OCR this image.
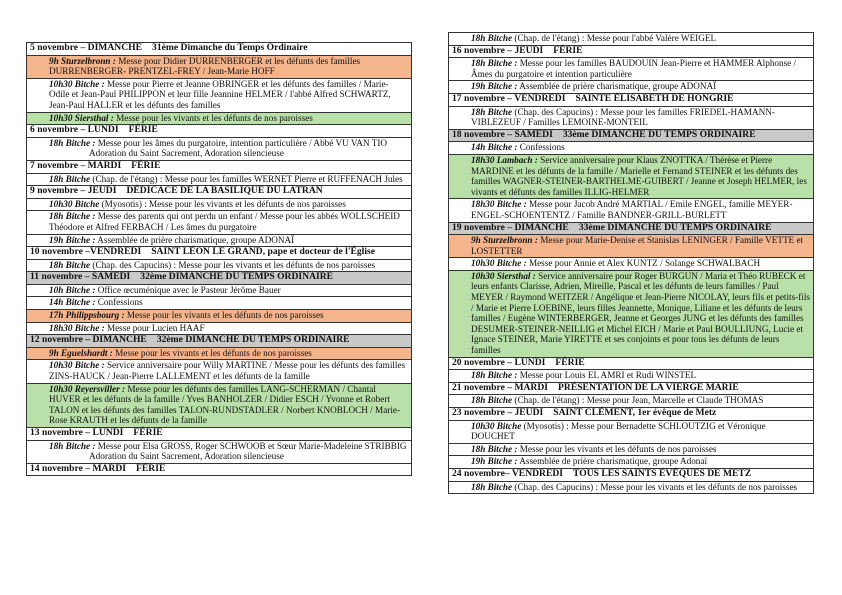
5 novembre – DIMANCHE 31ème Dimanche du Temps Ordinaire
9h Sturzelbronn : Messe pour Didier DURRENBERGER et les défunts des familles DURRENBERGER- PRENTZEL-FREY / Jean-Marie HOFF
10h30 Bitche : Messe pour Pierre et Jeanne OBRINGER et les défunts des familles / Marie-Odile et Jean-Paul PHILIPPON et leur fille Jeannine HELMER / l'abbé Alfred SCHWARTZ, Jean-Paul HALLER et les défunts des familles
10h30 Siersthal : Messe pour les vivants et les défunts de nos paroisses
6 novembre – LUNDI FÉRIE
18h Bitche : Messe pour les âmes du purgatoire, intention particulière / Abbé VU VAN TIO
Adoration du Saint Sacrement, Adoration silencieuse
7 novembre – MARDI FÉRIE
18h Bitche (Chap. de l'étang) : Messe pour les familles WERNET Pierre et RUFFENACH Jules
9 novembre – JEUDI DÉDICACE DE LA BASILIQUE DU LATRAN
10h30 Bitche (Myosotis) : Messe pour les vivants et les défunts de nos paroisses
18h Bitche : Messe des parents qui ont perdu un enfant / Messe pour les abbés WOLLSCHEID Théodore et Alfred FERBACH / Les âmes du purgatoire
19h Bitche : Assemblée de prière charismatique, groupe ADONAÏ
10 novembre –VENDREDI SAINT LÉON LE GRAND, pape et docteur de l'Église
18h Bitche (Chap. des Capucins) : Messe pour les vivants et les défunts de nos paroisses
11 novembre – SAMEDI 32ème DIMANCHE DU TEMPS ORDINAIRE
10h Bitche : Office œcuménique avec le Pasteur Jérôme Bauer
14h Bitche : Confessions
17h Philippsbourg : Messe pour les vivants et les défunts de nos paroisses
18h30 Bitche : Messe pour Lucien HAAF
12 novembre – DIMANCHE 32ème DIMANCHE DU TEMPS ORDINAIRE
9h Eguelshardt : Messe pour les vivants et les défunts de nos paroisses
10h30 Bitche : Service anniversaire pour Willy MARTINE / Messe pour les défunts des familles ZINS-HAUCK / Jean-Pierre LALLEMENT et les défunts de la famille
10h30 Reyersviller : Messe pour les défunts des familles LANG-SCHERMAN / Chantal HUVER et les défunts de la famille / Yves BANHOLZER / Didier ESCH / Yvonne et Robert TALON et les défunts des familles TALON-RUNDSTADLER / Norbert KNOBLOCH / Marie-Rose KRAUTH et les défunts de la famille
13 novembre – LUNDI FÉRIE
18h Bitche : Messe pour Elsa GROSS, Roger SCHWOOB et Sœur Marie-Madeleine STRIBBIG
Adoration du Saint Sacrement, Adoration silencieuse
14 novembre – MARDI FÉRIE
18h Bitche (Chap. de l'étang) : Messe pour l'abbé Valère WEIGEL
16 novembre – JEUDI FÉRIE
18h Bitche : Messe pour les familles BAUDOUIN Jean-Pierre et HAMMER Alphonse / Âmes du purgatoire et intention particulière
19h Bitche : Assemblée de prière charismatique, groupe ADONAÏ
17 novembre – VENDREDI SAINTE ÉLISABETH DE HONGRIE
18h Bitche (Chap. des Capucins) : Messe pour les familles FRIEDEL-HAMANN-VIBLEZEUF / Familles LEMOINE-MONTEIL
18 novembre – SAMEDI 33ème DIMANCHE DU TEMPS ORDINAIRE
14h Bitche : Confessions
18h30 Lambach : Service anniversaire pour Klaus ZNOTTKA / Thérèse et Pierre MARDINE et les défunts de la famille / Marielle et Fernand STEINER et les défunts des familles WAGNER-STEINER-BARTHELME-GUIBERT / Jeanne et Joseph HELMER, les vivants et défunts des familles ILLIG-HELMER
18h30 Bitche : Messe pour Jacob André MARTIAL / Emile ENGEL, famille MEYER-ENGEL-SCHOENTENTZ / Famille BANDNER-GRILL-BURLETT
19 novembre – DIMANCHE 33ème DIMANCHE DU TEMPS ORDINAIRE
9h Sturzelbronn : Messe pour Marie-Denise et Stanislas LENINGER / Famille VETTE et LOSTETTER
10h30 Bitche : Messe pour Annie et Alex KUNTZ / Solange SCHWALBACH
10h30 Siersthal : Service anniversaire pour Roger BURGUN / Maria et Théo RUBECK et leurs enfants Clarisse, Adrien, Mireille, Pascal et les défunts de leurs familles / Paul MEYER / Raymond WEITZER / Angélique et Jean-Pierre NICOLAY, leurs fils et petits-fils / Marie et Pierre LOEBINE, leurs filles Jeannette, Monique, Liliane et les défunts de leurs familles / Eugène WINTERBERGER, Jeanne et Georges JUNG et les défunts des familles DESUMER-STEINER-NEILLIG et Michel EICH / Marie et Paul BOULLIUNG, Lucie et Ignace STEINER, Marie YIRETTE et ses conjoints et pour tous les défunts de leurs familles
20 novembre – LUNDI FÉRIE
18h Bitche : Messe pour Louis EL AMRI et Rudi WINSTEL
21 novembre – MARDI PRÉSENTATION DE LA VIERGE MARIE
18h Bitche (Chap. de l'étang) : Messe pour Jean, Marcelle et Claude THOMAS
23 novembre – JEUDI SAINT CLÉMENT, 1er évêque de Metz
10h30 Bitche (Myosotis) : Messe pour Bernadette SCHLOUTZIG et Véronique DOUCHET
18h Bitche : Messe pour les vivants et les défunts de nos paroisses
19h Bitche : Assemblée de prière charismatique, groupe Adonaï
24 novembre– VENDREDI TOUS LES SAINTS ÉVÊQUES DE METZ
18h Bitche (Chap. des Capucins) : Messe pour les vivants et les défunts de nos paroisses
